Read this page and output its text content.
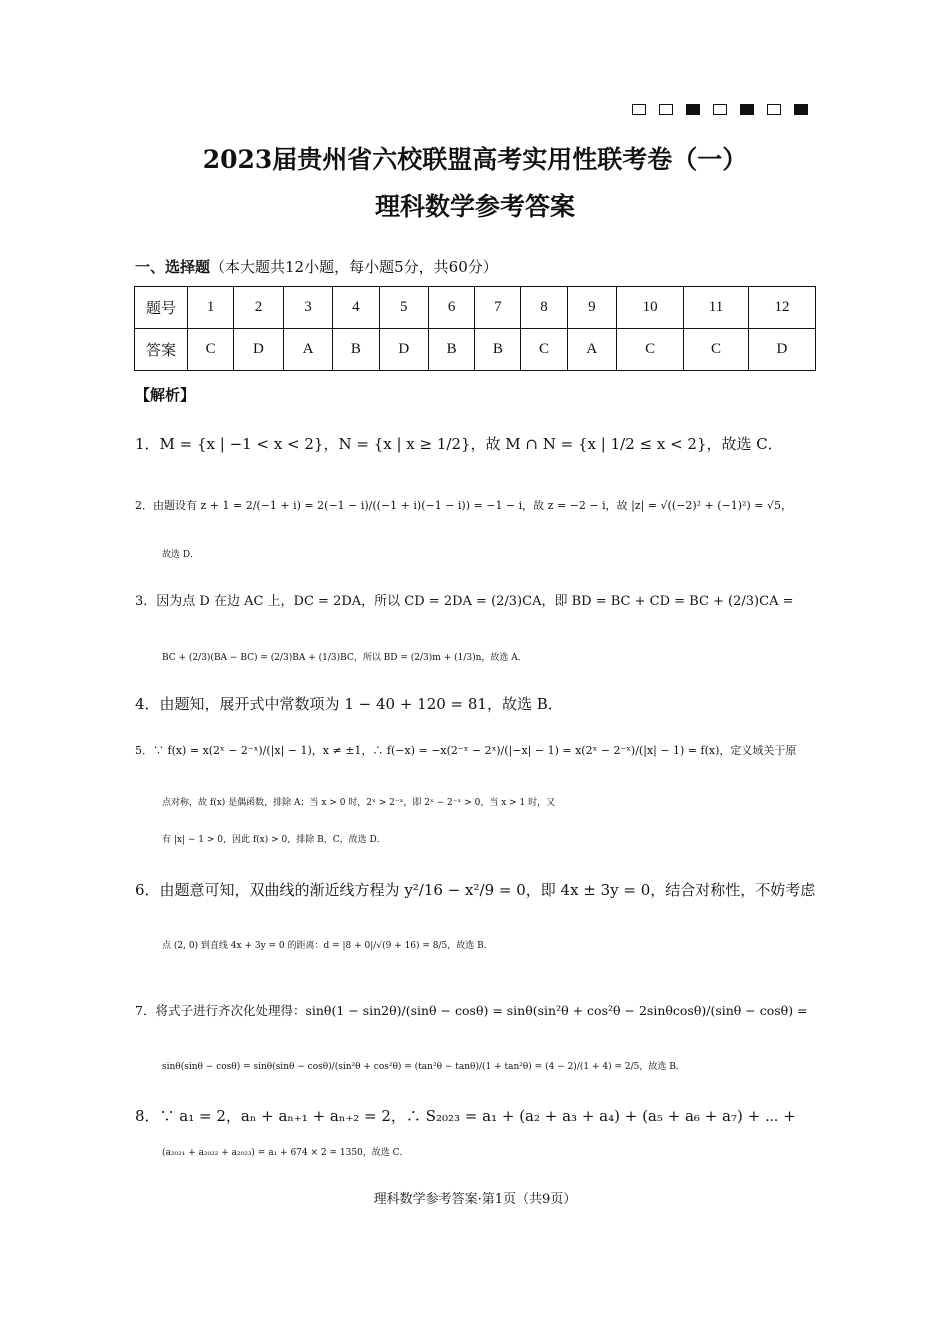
2023届贵州省六校联盟高考实用性联考卷（一）
理科数学参考答案
一、选择题（本大题共12小题，每小题5分，共60分）
题号	1	2	3	4	5	6	7	8	9	10	11	12
答案	C	D	A	B	D	B	B	C	A	C	C	D
【解析】
1．M = {x | −1 < x < 2}，N = {x | x ≥ 1/2}，故 M ∩ N = {x | 1/2 ≤ x < 2}，故选 C．
2．由题设有 z + 1 = 2/(−1 + i) = 2(−1 − i)/((−1 + i)(−1 − i)) = −1 − i，故 z = −2 − i，故 |z| = √((−2)² + (−1)²) = √5，
故选 D．
3．因为点 D 在边 AC 上，DC = 2DA，所以 CD = 2DA = (2/3)CA，即 BD = BC + CD = BC + (2/3)CA =
BC + (2/3)(BA − BC) = (2/3)BA + (1/3)BC，所以 BD = (2/3)m + (1/3)n，故选 A．
4．由题知，展开式中常数项为 1 − 40 + 120 = 81，故选 B．
5．∵ f(x) = x(2ˣ − 2⁻ˣ)/(|x| − 1)，x ≠ ±1，∴ f(−x) = −x(2⁻ˣ − 2ˣ)/(|−x| − 1) = x(2ˣ − 2⁻ˣ)/(|x| − 1) = f(x)，定义域关于原
点对称，故 f(x) 是偶函数，排除 A；当 x > 0 时，2ˣ > 2⁻ˣ，即 2ˣ − 2⁻ˣ > 0，当 x > 1 时，又
有 |x| − 1 > 0，因此 f(x) > 0，排除 B，C，故选 D．
6．由题意可知，双曲线的渐近线方程为 y²/16 − x²/9 = 0，即 4x ± 3y = 0，结合对称性，不妨考虑
点 (2, 0) 到直线 4x + 3y = 0 的距离：d = |8 + 0|/√(9 + 16) = 8/5，故选 B．
7．将式子进行齐次化处理得：sinθ(1 − sin2θ)/(sinθ − cosθ) = sinθ(sin²θ + cos²θ − 2sinθcosθ)/(sinθ − cosθ) =
sinθ(sinθ − cosθ) = sinθ(sinθ − cosθ)/(sin²θ + cos²θ) = (tan²θ − tanθ)/(1 + tan²θ) = (4 − 2)/(1 + 4) = 2/5，故选 B．
8．∵ a₁ = 2，aₙ + aₙ₊₁ + aₙ₊₂ = 2，∴ S₂₀₂₃ = a₁ + (a₂ + a₃ + a₄) + (a₅ + a₆ + a₇) + ⋯ +
(a₂₀₂₁ + a₂₀₂₂ + a₂₀₂₃) = a₁ + 674 × 2 = 1350，故选 C．
理科数学参考答案·第1页（共9页）
